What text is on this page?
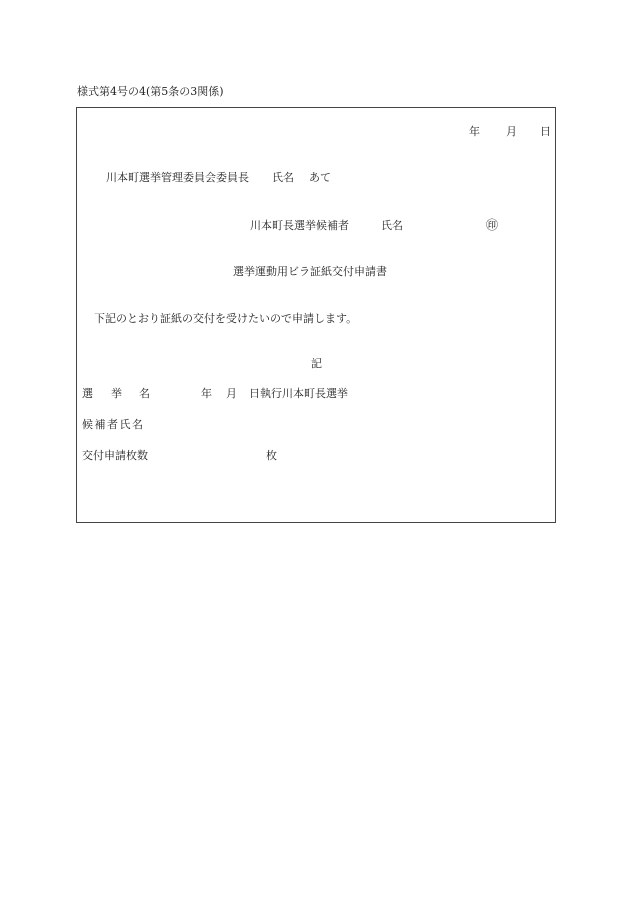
様式第4号の4(第5条の3関係)
年 月 日
川本町選挙管理委員会委員長 氏名 あて
川本町長選挙候補者	氏名	㊞
選挙運動用ビラ証紙交付申請書
下記のとおり証紙の交付を受けたいので申請します。
記
選 挙 名	年 月 日執行川本町長選挙
候補者氏名
交付申請枚数	枚
